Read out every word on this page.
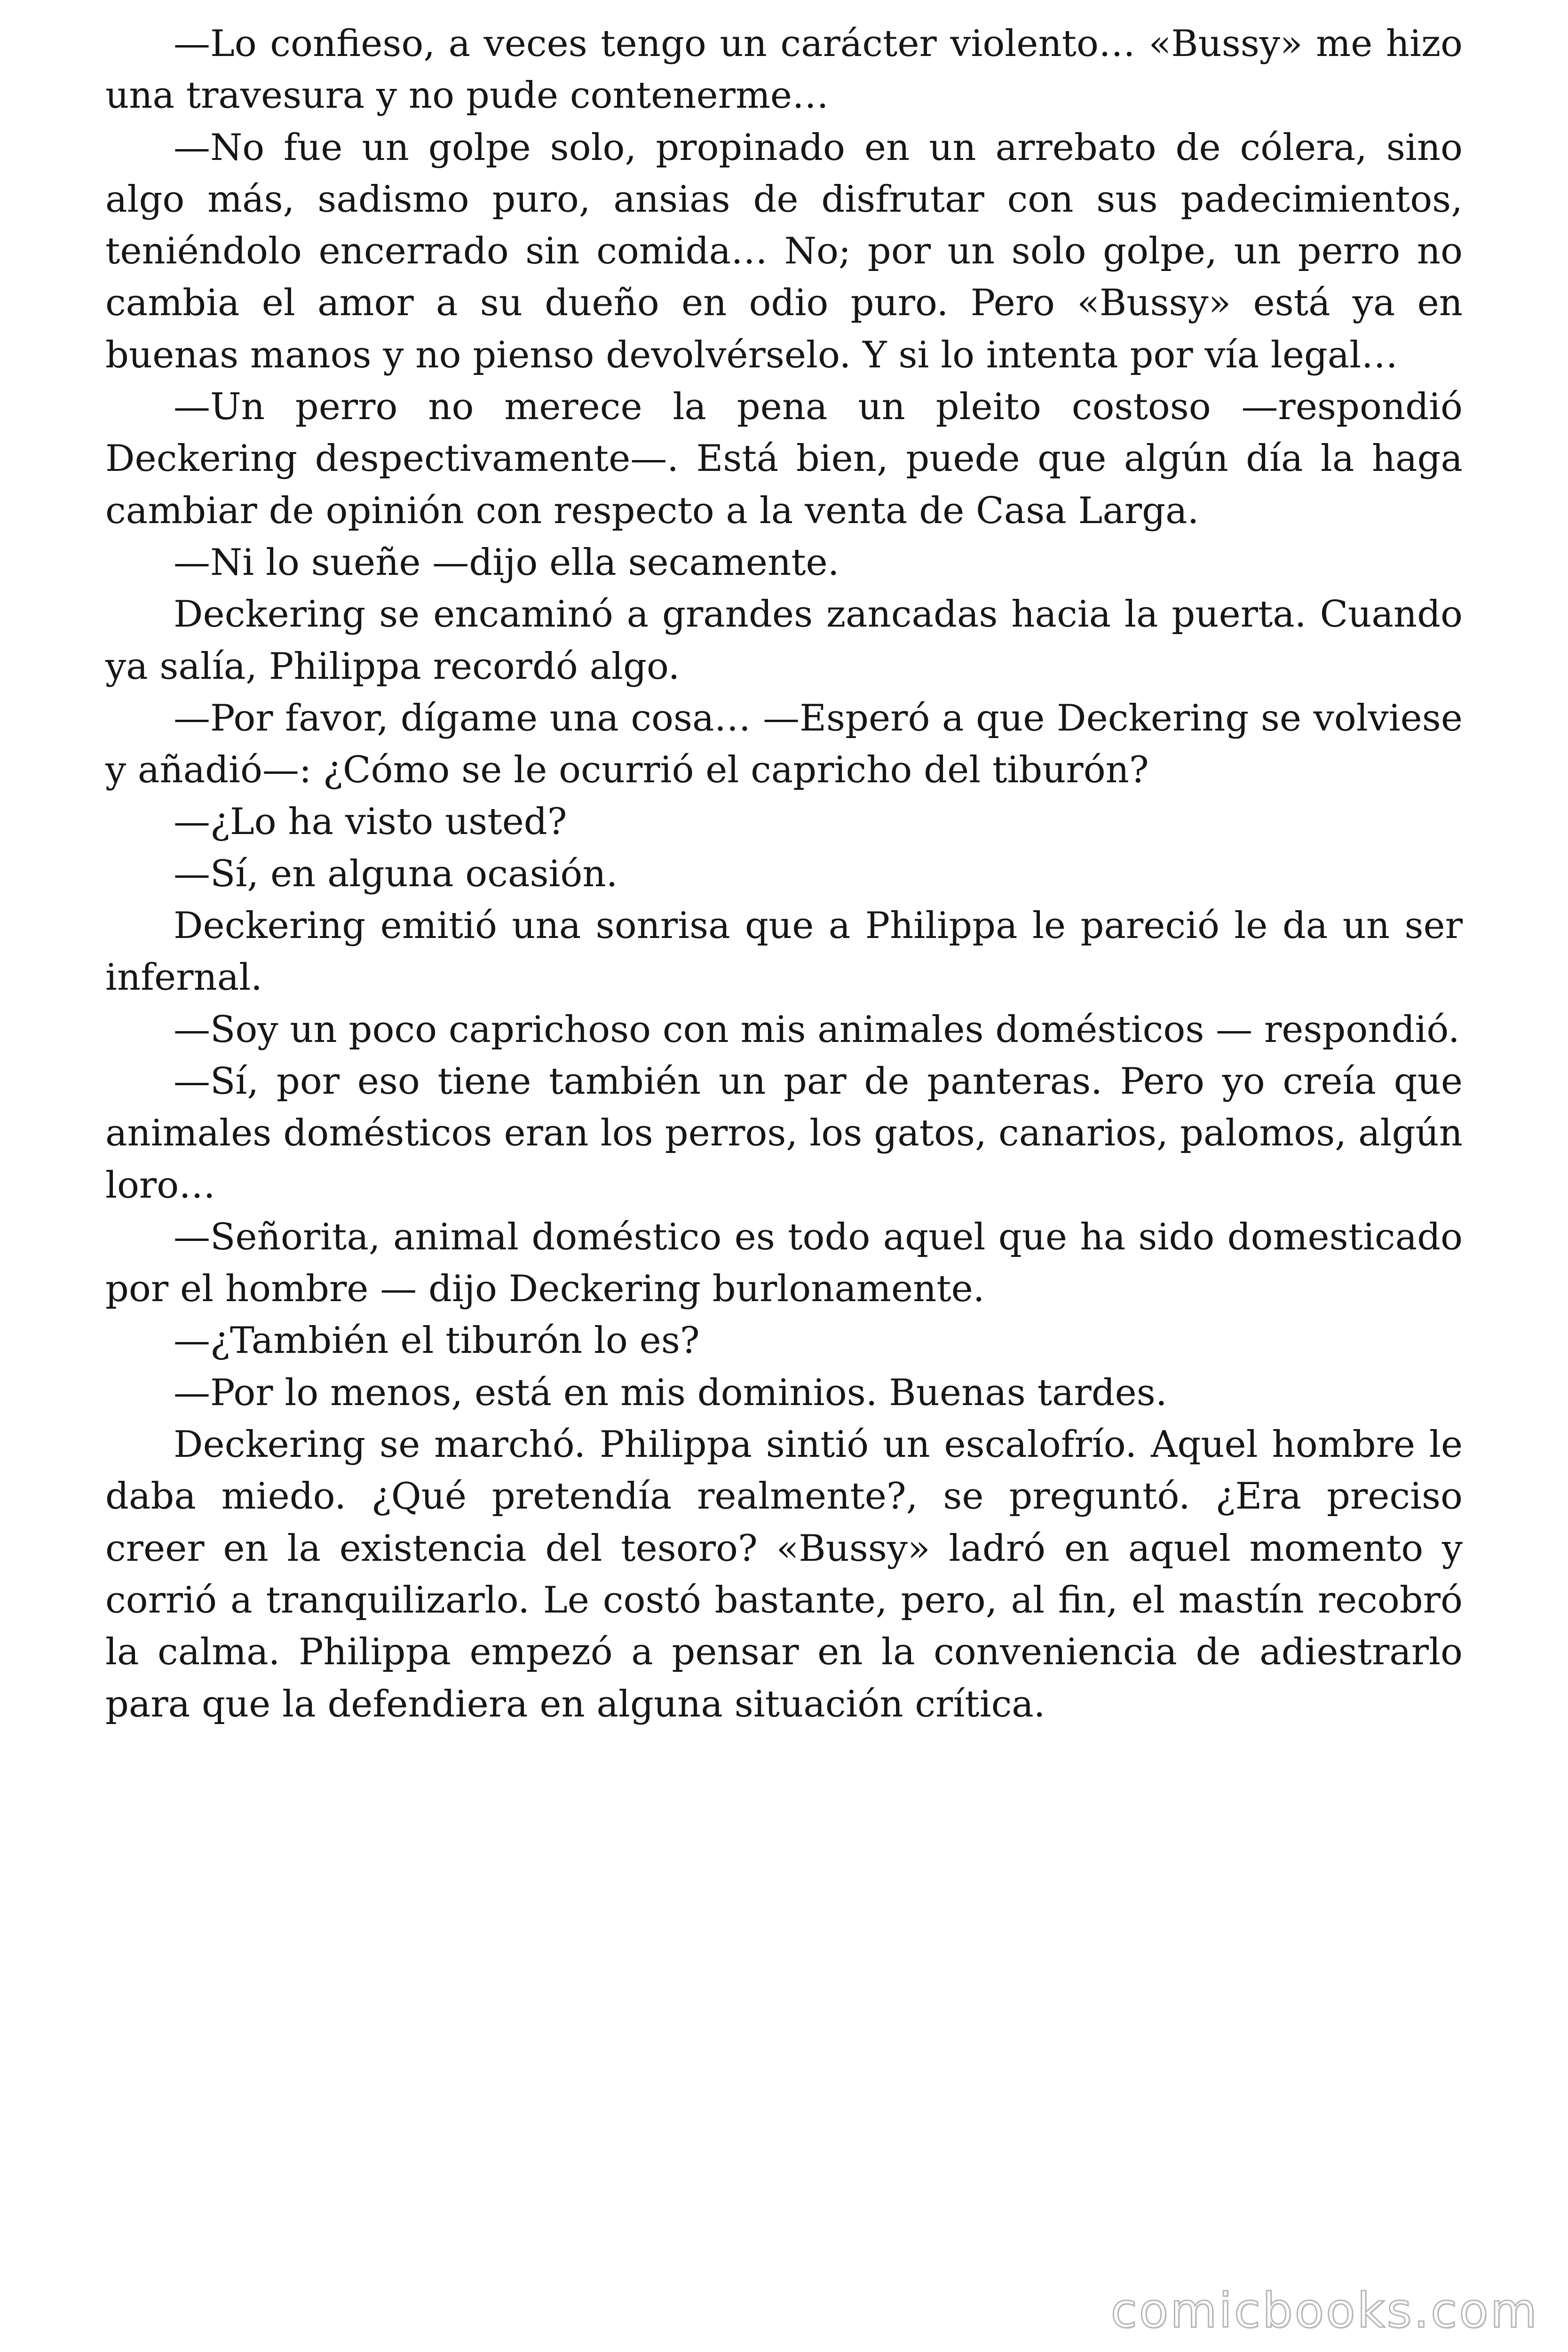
—Lo confieso, a veces tengo un carácter violento… «Bussy» me hizo una travesura y no pude contenerme…

—No fue un golpe solo, propinado en un arrebato de cólera, sino algo más, sadismo puro, ansias de disfrutar con sus padecimientos, teniéndolo encerrado sin comida… No; por un solo golpe, un perro no cambia el amor a su dueño en odio puro. Pero «Bussy» está ya en buenas manos y no pienso devolvérselo. Y si lo intenta por vía legal…

—Un perro no merece la pena un pleito costoso —respondió Deckering despectivamente—. Está bien, puede que algún día la haga cambiar de opinión con respecto a la venta de Casa Larga.

—Ni lo sueñe —dijo ella secamente.

Deckering se encaminó a grandes zancadas hacia la puerta. Cuando ya salía, Philippa recordó algo.

—Por favor, dígame una cosa… —Esperó a que Deckering se volviese y añadió—: ¿Cómo se le ocurrió el capricho del tiburón?

—¿Lo ha visto usted?

—Sí, en alguna ocasión.

Deckering emitió una sonrisa que a Philippa le pareció le da un ser infernal.

—Soy un poco caprichoso con mis animales domésticos — respondió.

—Sí, por eso tiene también un par de panteras. Pero yo creía que animales domésticos eran los perros, los gatos, canarios, palomos, algún loro…

—Señorita, animal doméstico es todo aquel que ha sido domesticado por el hombre — dijo Deckering burlonamente.

—¿También el tiburón lo es?

—Por lo menos, está en mis dominios. Buenas tardes.

Deckering se marchó. Philippa sintió un escalofrío. Aquel hombre le daba miedo. ¿Qué pretendía realmente?, se preguntó. ¿Era preciso creer en la existencia del tesoro? «Bussy» ladró en aquel momento y corrió a tranquilizarlo. Le costó bastante, pero, al fin, el mastín recobró la calma. Philippa empezó a pensar en la conveniencia de adiestrarlo para que la defendiera en alguna situación crítica.

comicbooks.com
